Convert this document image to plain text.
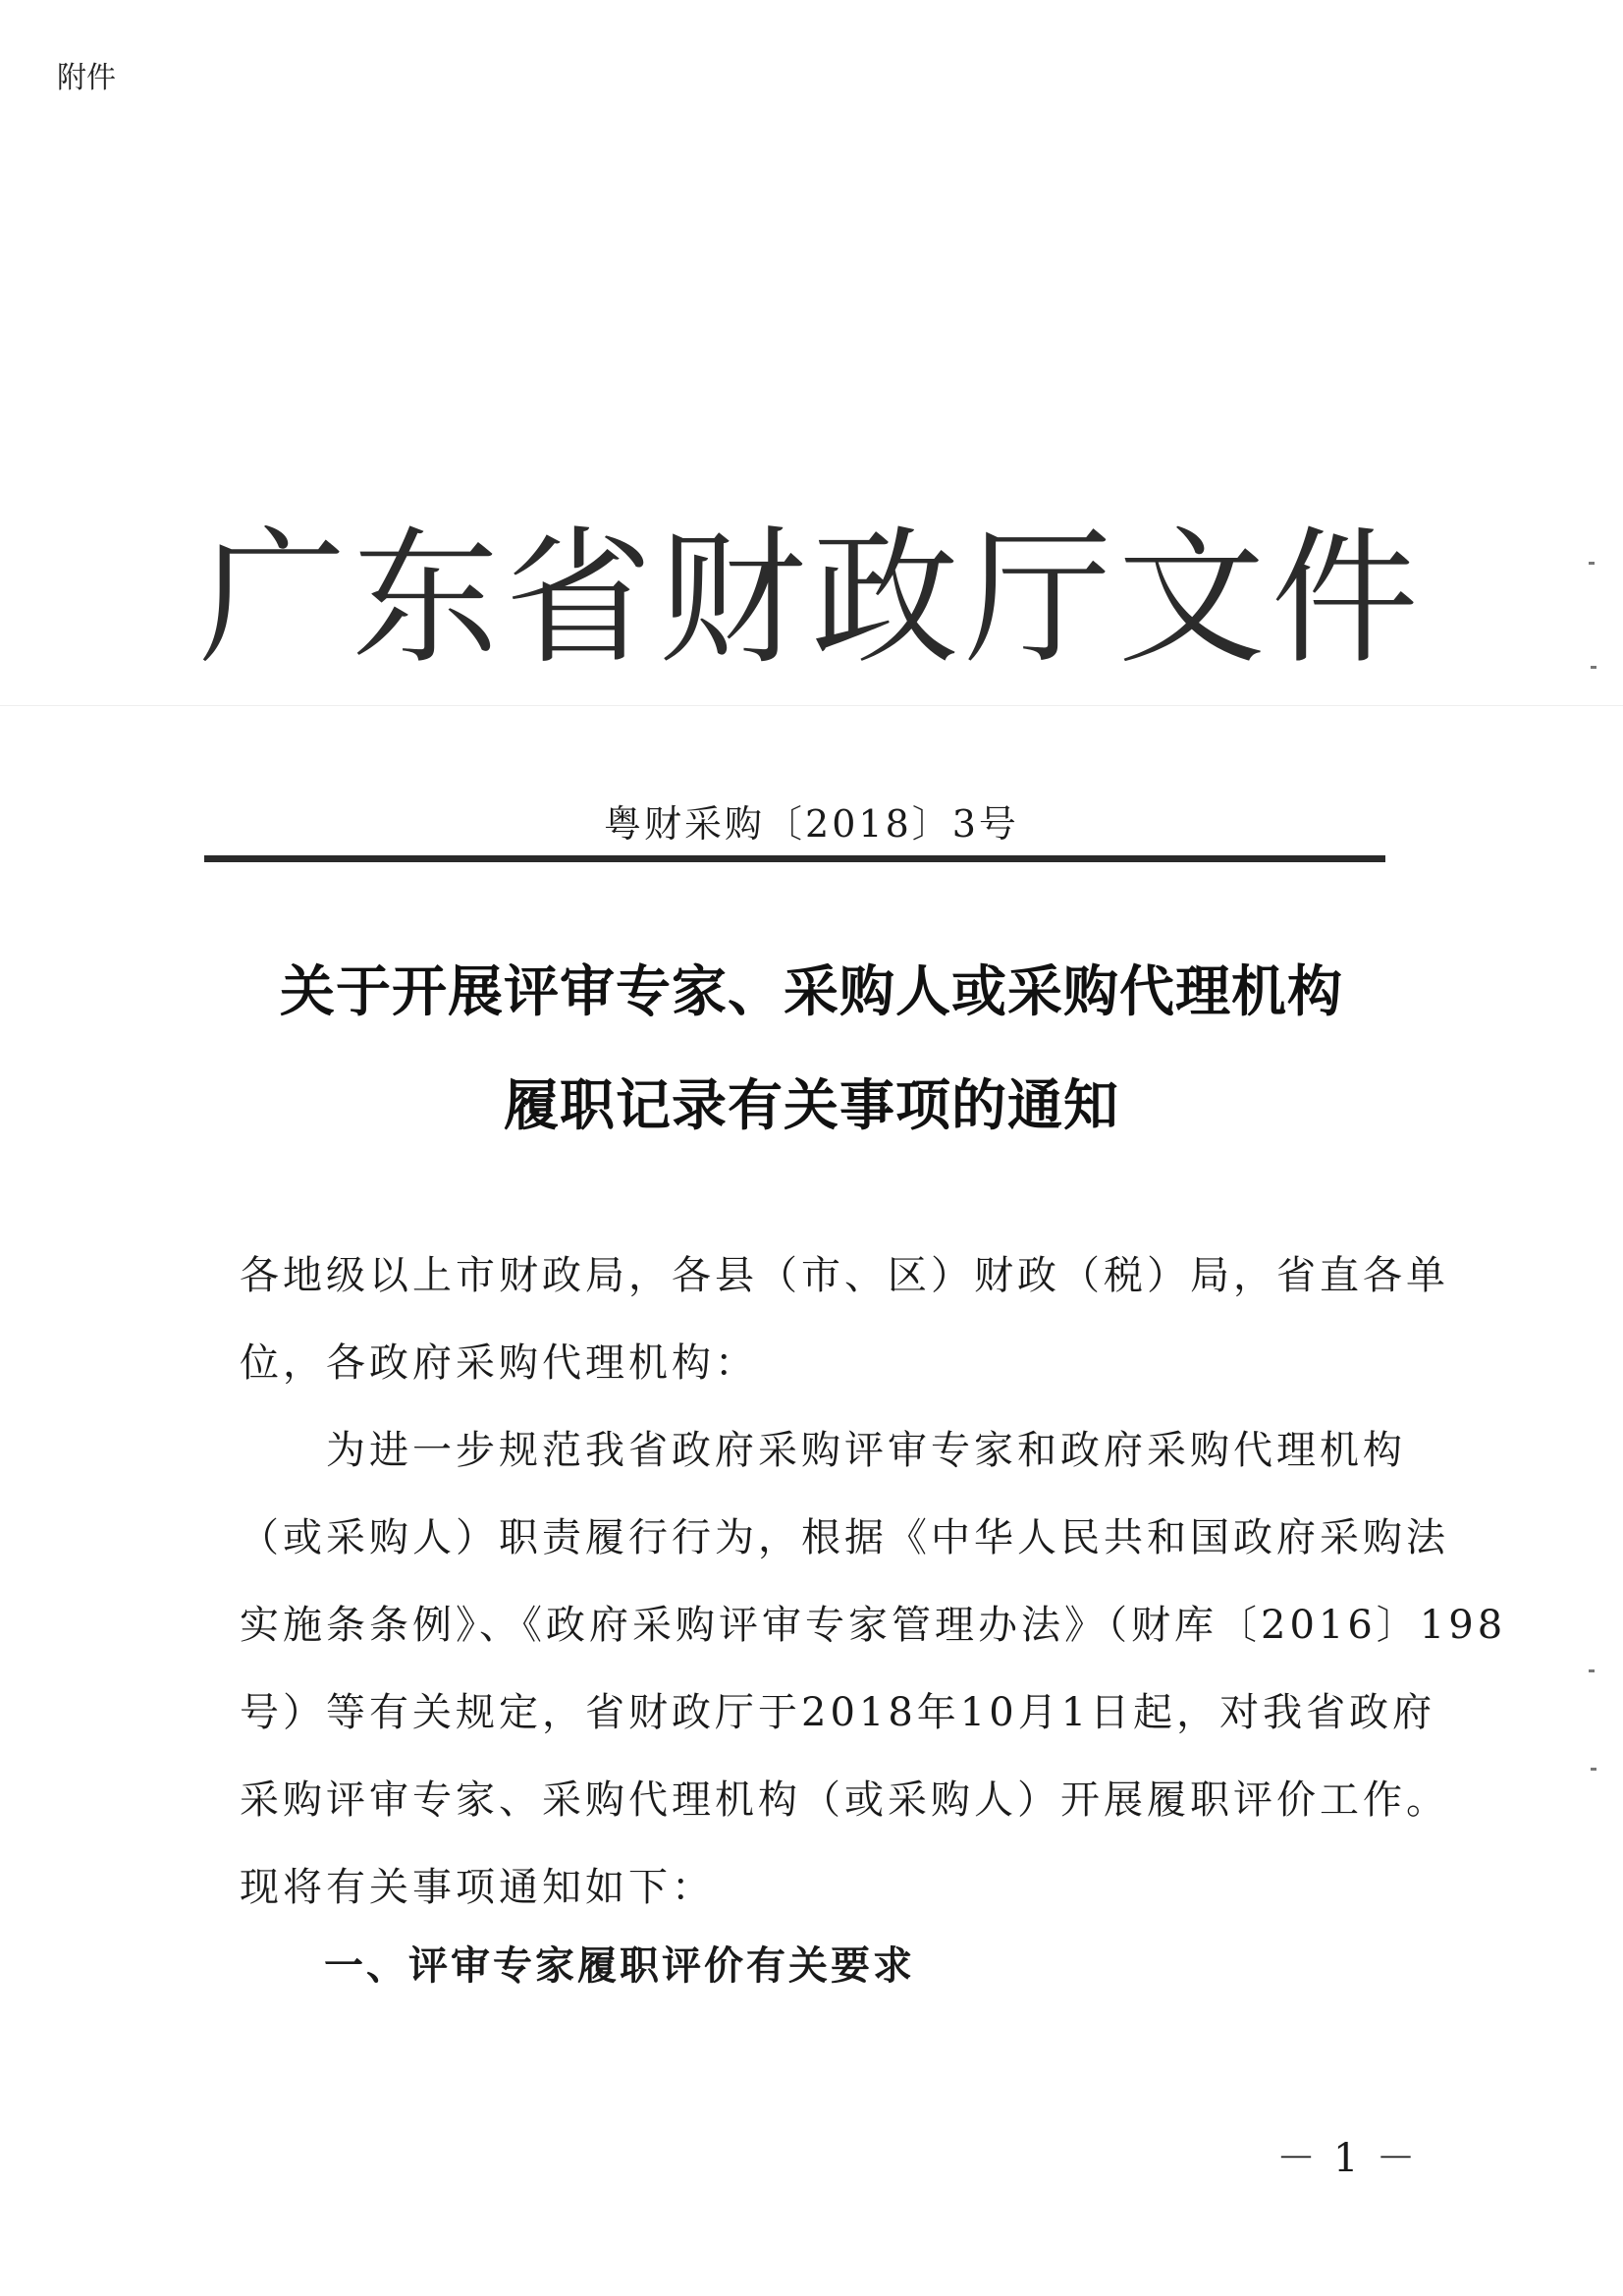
附件
广东省财政厅文件
粤财采购〔2018〕3号
关于开展评审专家、采购人或采购代理机构
履职记录有关事项的通知
各地级以上市财政局，各县（市、区）财政（税）局，省直各单
位，各政府采购代理机构：
　　为进一步规范我省政府采购评审专家和政府采购代理机构
（或采购人）职责履行行为，根据《中华人民共和国政府采购法
实施条条例》、《政府采购评审专家管理办法》（财库〔2016〕198
号）等有关规定，省财政厅于2018年10月1日起，对我省政府
采购评审专家、采购代理机构（或采购人）开展履职评价工作。
现将有关事项通知如下：
一、评审专家履职评价有关要求
－1－
